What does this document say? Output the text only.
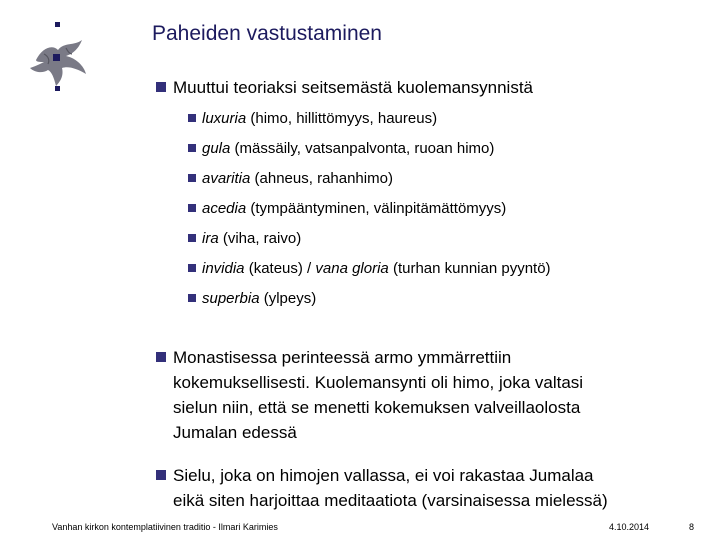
Paheiden vastustaminen
Muuttui teoriaksi seitsemästä kuolemansynnistä
luxuria (himo, hillittömyys, haureus)
gula (mässäily, vatsanpalvonta, ruoan himo)
avaritia (ahneus, rahanhimo)
acedia (tympääntyminen, välinpitämättömyys)
ira (viha, raivo)
invidia (kateus) / vana gloria (turhan kunnian pyyntö)
superbia (ylpeys)
Monastisessa perinteessä armo ymmärrettiin
kokemuksellisesti. Kuolemansynti oli himo, joka valtasi
sielun niin, että se menetti kokemuksen valveillaolosta
Jumalan edessä
Sielu, joka on himojen vallassa, ei voi rakastaa Jumalaa
eikä siten harjoittaa meditaatiota (varsinaisessa mielessä)
Vanhan kirkon kontemplatiivinen traditio - Ilmari Karimies	4.10.2014	8
